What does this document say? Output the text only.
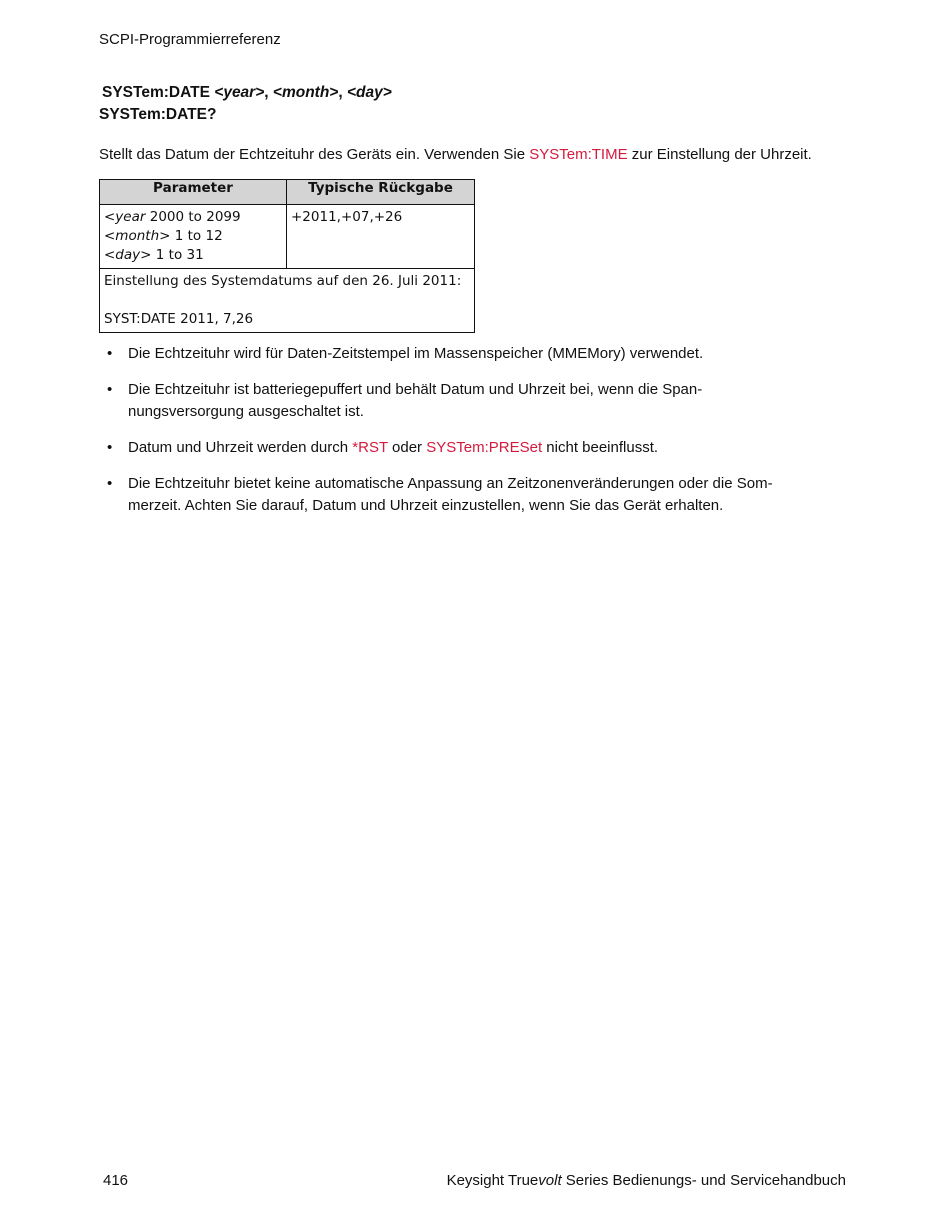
SCPI-Programmierreferenz
SYSTem:DATE <year>, <month>, <day>
SYSTem:DATE?
Stellt das Datum der Echtzeituhr des Geräts ein. Verwenden Sie SYSTem:TIME zur Einstellung der Uhrzeit.
Parameter	Typische Rückgabe

<year 2000 to 2099
<month> 1 to 12
<day> 1 to 31	+2011,+07,+26

Einstellung des Systemdatums auf den 26. Juli 2011:
SYST:DATE 2011, 7,26	
• Die Echtzeituhr wird für Daten-Zeitstempel im Massenspeicher (MMEMory) verwendet.
• Die Echtzeituhr ist batteriegepuffert und behält Datum und Uhrzeit bei, wenn die Span-
nungsversorgung ausgeschaltet ist.
• Datum und Uhrzeit werden durch *RST oder SYSTem:PRESet nicht beeinflusst.
• Die Echtzeituhr bietet keine automatische Anpassung an Zeitzonenveränderungen oder die Som-
merzeit. Achten Sie darauf, Datum und Uhrzeit einzustellen, wenn Sie das Gerät erhalten.
416	Keysight Truevolt Series Bedienungs- und Servicehandbuch
